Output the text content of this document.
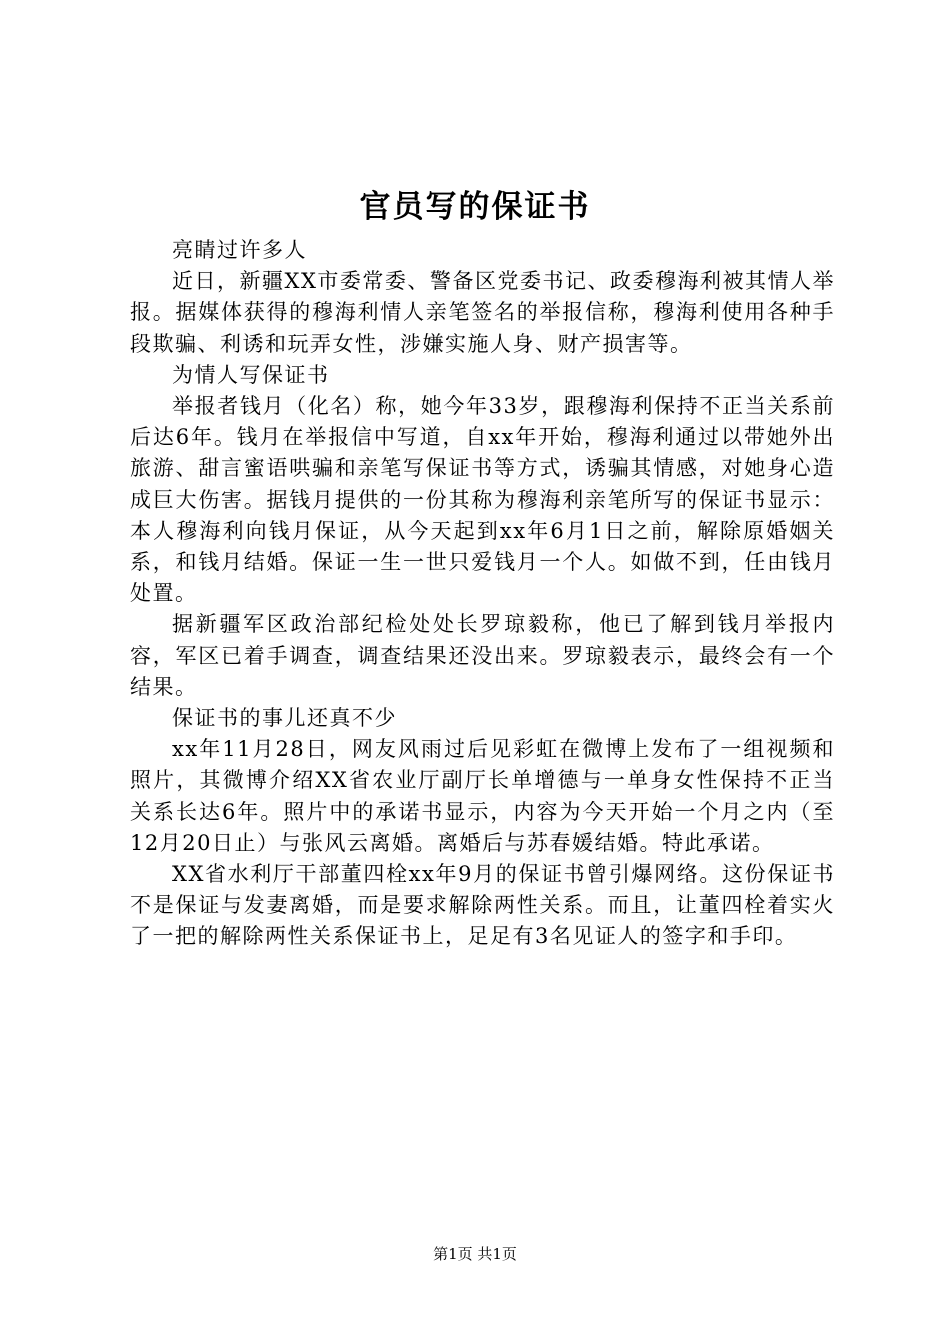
官员写的保证书

亮睛过许多人

近日，新疆XX市委常委、警备区党委书记、政委穆海利被其情人举报。据媒体获得的穆海利情人亲笔签名的举报信称，穆海利使用各种手段欺骗、利诱和玩弄女性，涉嫌实施人身、财产损害等。

为情人写保证书

举报者钱月（化名）称，她今年33岁，跟穆海利保持不正当关系前后达6年。钱月在举报信中写道，自xx年开始，穆海利通过以带她外出旅游、甜言蜜语哄骗和亲笔写保证书等方式，诱骗其情感，对她身心造成巨大伤害。据钱月提供的一份其称为穆海利亲笔所写的保证书显示：本人穆海利向钱月保证，从今天起到xx年6月1日之前，解除原婚姻关系，和钱月结婚。保证一生一世只爱钱月一个人。如做不到，任由钱月处置。

据新疆军区政治部纪检处处长罗琼毅称，他已了解到钱月举报内容，军区已着手调查，调查结果还没出来。罗琼毅表示，最终会有一个结果。

保证书的事儿还真不少

xx年11月28日，网友风雨过后见彩虹在微博上发布了一组视频和照片，其微博介绍XX省农业厅副厅长单增德与一单身女性保持不正当关系长达6年。照片中的承诺书显示，内容为今天开始一个月之内（至12月20日止）与张风云离婚。离婚后与苏春媛结婚。特此承诺。

XX省水利厅干部董四栓xx年9月的保证书曾引爆网络。这份保证书不是保证与发妻离婚，而是要求解除两性关系。而且，让董四栓着实火了一把的解除两性关系保证书上，足足有3名见证人的签字和手印。

第1页 共1页
